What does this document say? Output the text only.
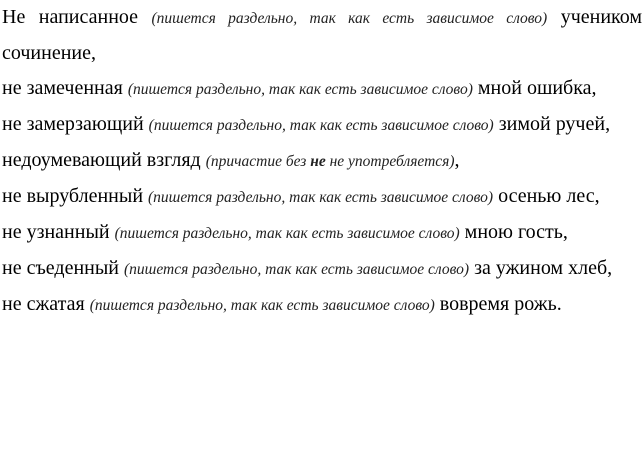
Не написанное (пишется раздельно, так как есть зависимое слово) учеником сочинение,

не замеченная (пишется раздельно, так как есть зависимое слово) мной ошибка,

не замерзающий (пишется раздельно, так как есть зависимое слово) зимой ручей,

недоумевающий взгляд (причастие без не не употребляется),

не вырубленный (пишется раздельно, так как есть зависимое слово) осенью лес,

не узнанный (пишется раздельно, так как есть зависимое слово) мною гость,

не съеденный (пишется раздельно, так как есть зависимое слово) за ужином хлеб,

не сжатая (пишется раздельно, так как есть зависимое слово) вовремя рожь.
